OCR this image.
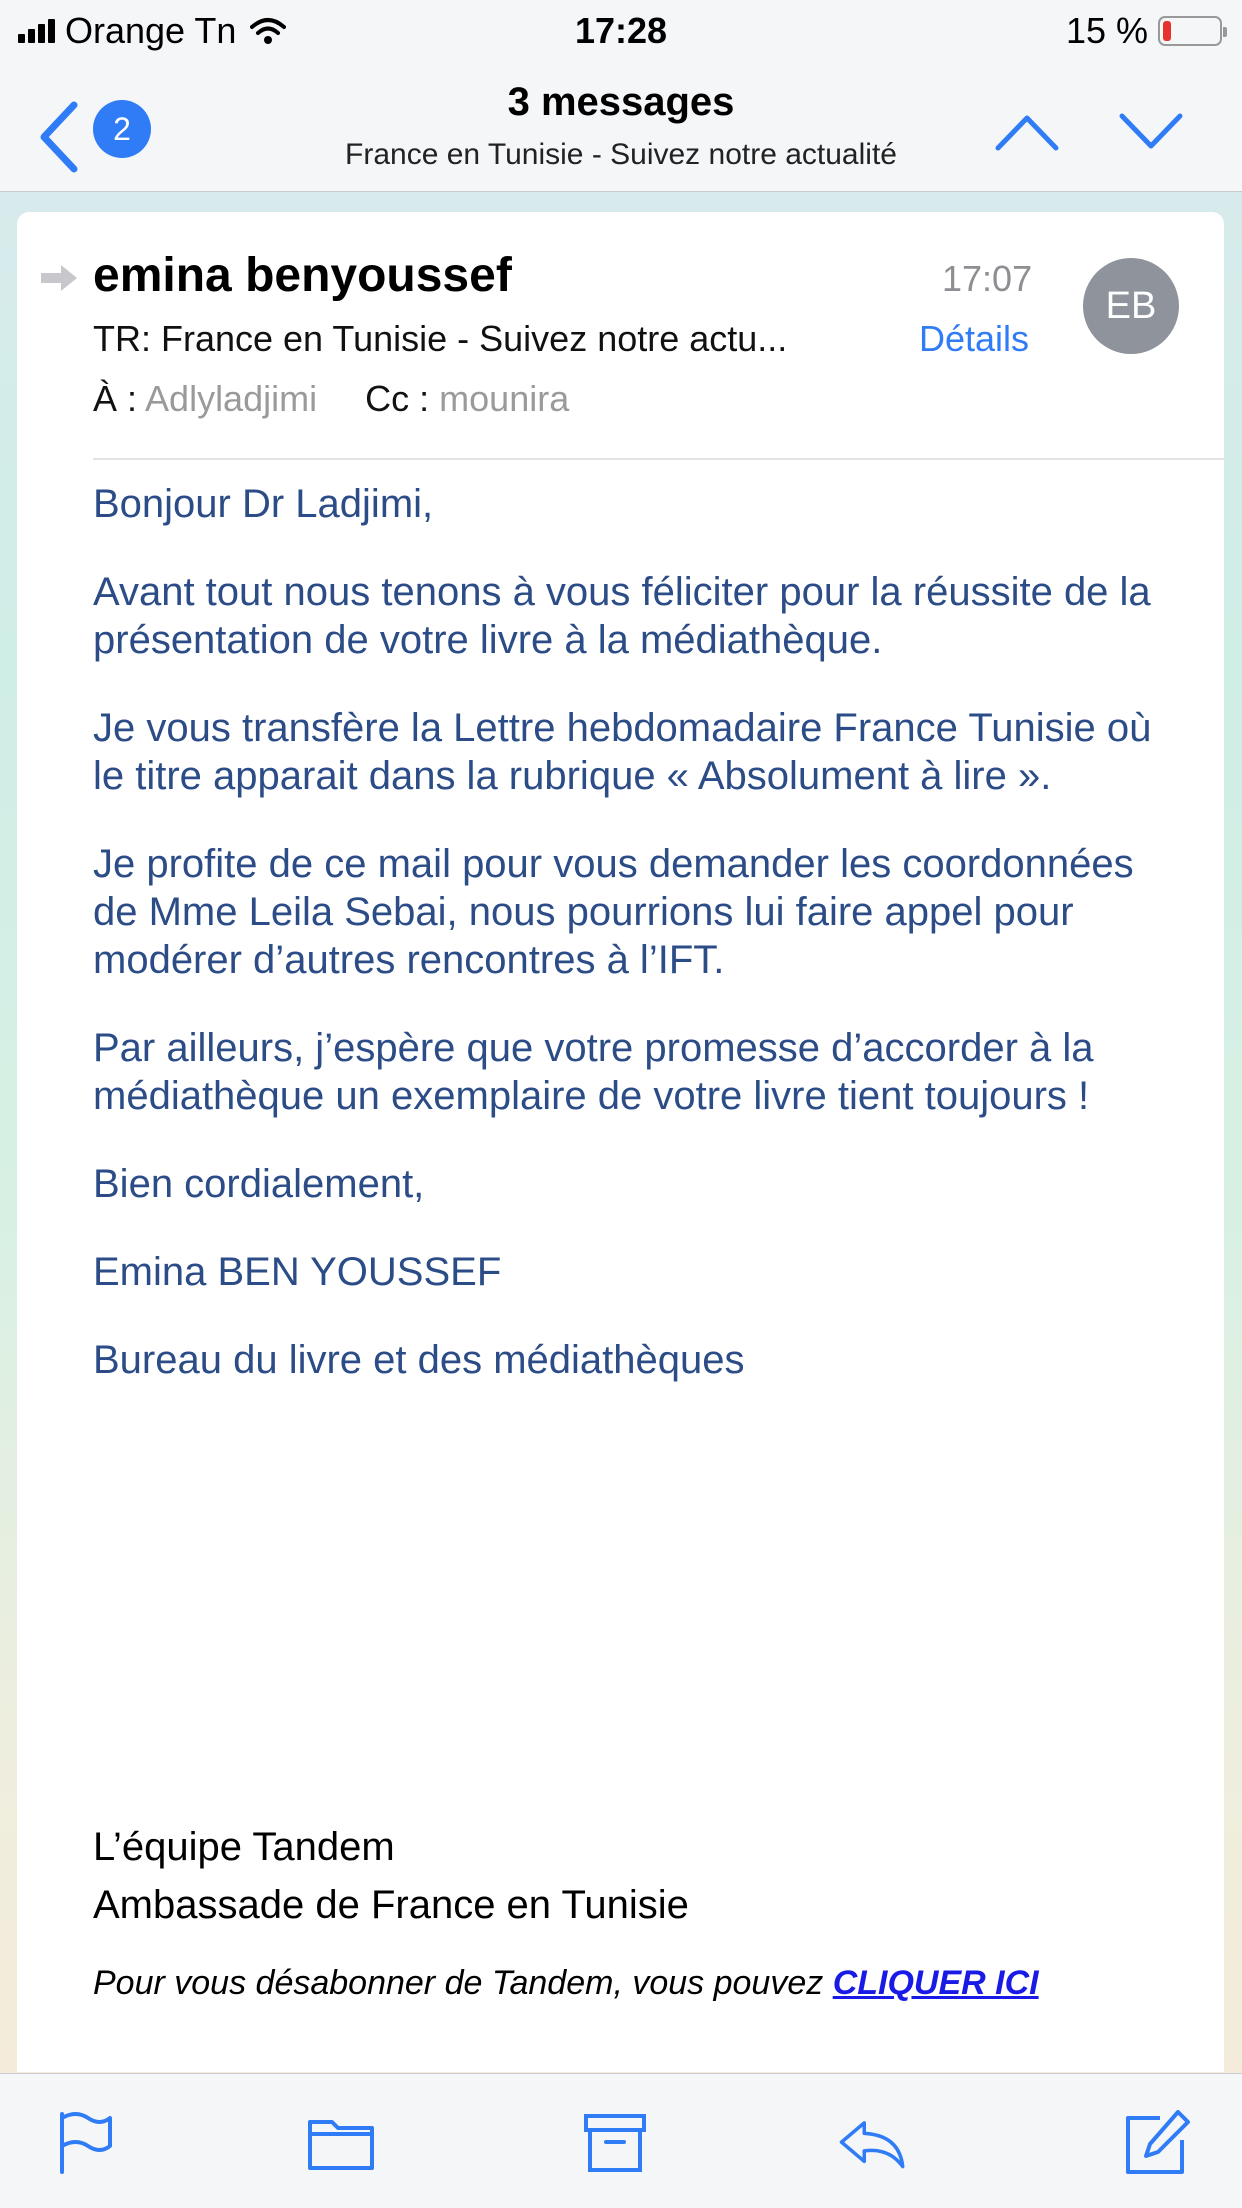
Orange Tn	17:28	15 %
2
3 messages
France en Tunisie - Suivez notre actualité
emina benyoussef	17:07
EB
TR: France en Tunisie - Suivez notre actu...	Détails
À : Adlyladjimi Cc : mounira

Bonjour Dr Ladjimi,

Avant tout nous tenons à vous féliciter pour la réussite de la présentation de votre livre à la médiathèque.

Je vous transfère la Lettre hebdomadaire France Tunisie où le titre apparait dans la rubrique « Absolument à lire ».

Je profite de ce mail pour vous demander les coordonnées de Mme Leila Sebai, nous pourrions lui faire appel pour modérer d’autres rencontres à l’IFT.

Par ailleurs, j’espère que votre promesse d’accorder à la médiathèque un exemplaire de votre livre tient toujours !

Bien cordialement,

Emina BEN YOUSSEF

Bureau du livre et des médiathèques

L’équipe Tandem
Ambassade de France en Tunisie
Pour vous désabonner de Tandem, vous pouvez CLIQUER ICI
